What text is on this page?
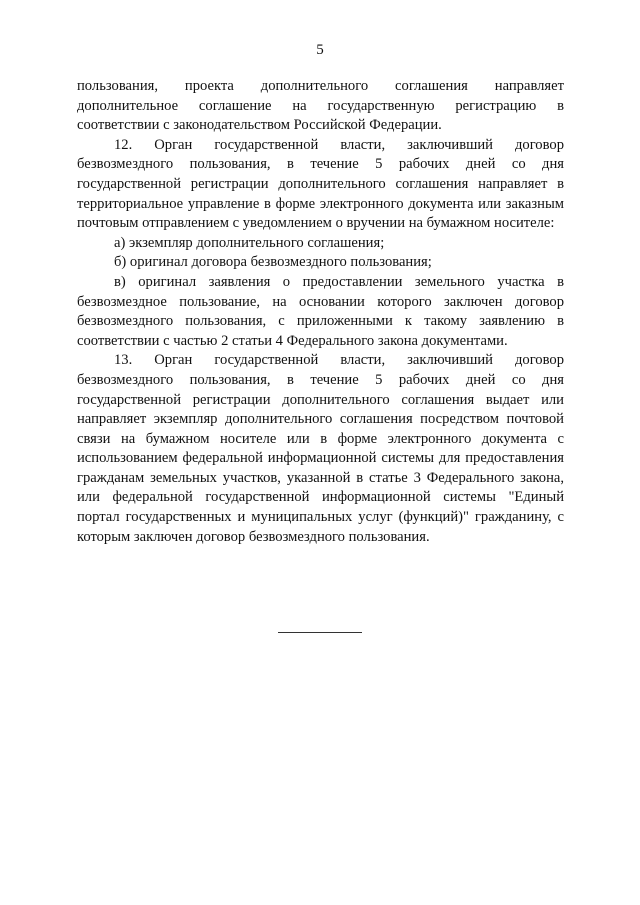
5

пользования, проекта дополнительного соглашения направляет дополнительное соглашение на государственную регистрацию в соответствии с законодательством Российской Федерации.

12. Орган государственной власти, заключивший договор безвозмездного пользования, в течение 5 рабочих дней со дня государственной регистрации дополнительного соглашения направляет в территориальное управление в форме электронного документа или заказным почтовым отправлением с уведомлением о вручении на бумажном носителе:

а) экземпляр дополнительного соглашения;

б) оригинал договора безвозмездного пользования;

в) оригинал заявления о предоставлении земельного участка в безвозмездное пользование, на основании которого заключен договор безвозмездного пользования, с приложенными к такому заявлению в соответствии с частью 2 статьи 4 Федерального закона документами.

13. Орган государственной власти, заключивший договор безвозмездного пользования, в течение 5 рабочих дней со дня государственной регистрации дополнительного соглашения выдает или направляет экземпляр дополнительного соглашения посредством почтовой связи на бумажном носителе или в форме электронного документа с использованием федеральной информационной системы для предоставления гражданам земельных участков, указанной в статье 3 Федерального закона, или федеральной государственной информационной системы "Единый портал государственных и муниципальных услуг (функций)" гражданину, с которым заключен договор безвозмездного пользования.
